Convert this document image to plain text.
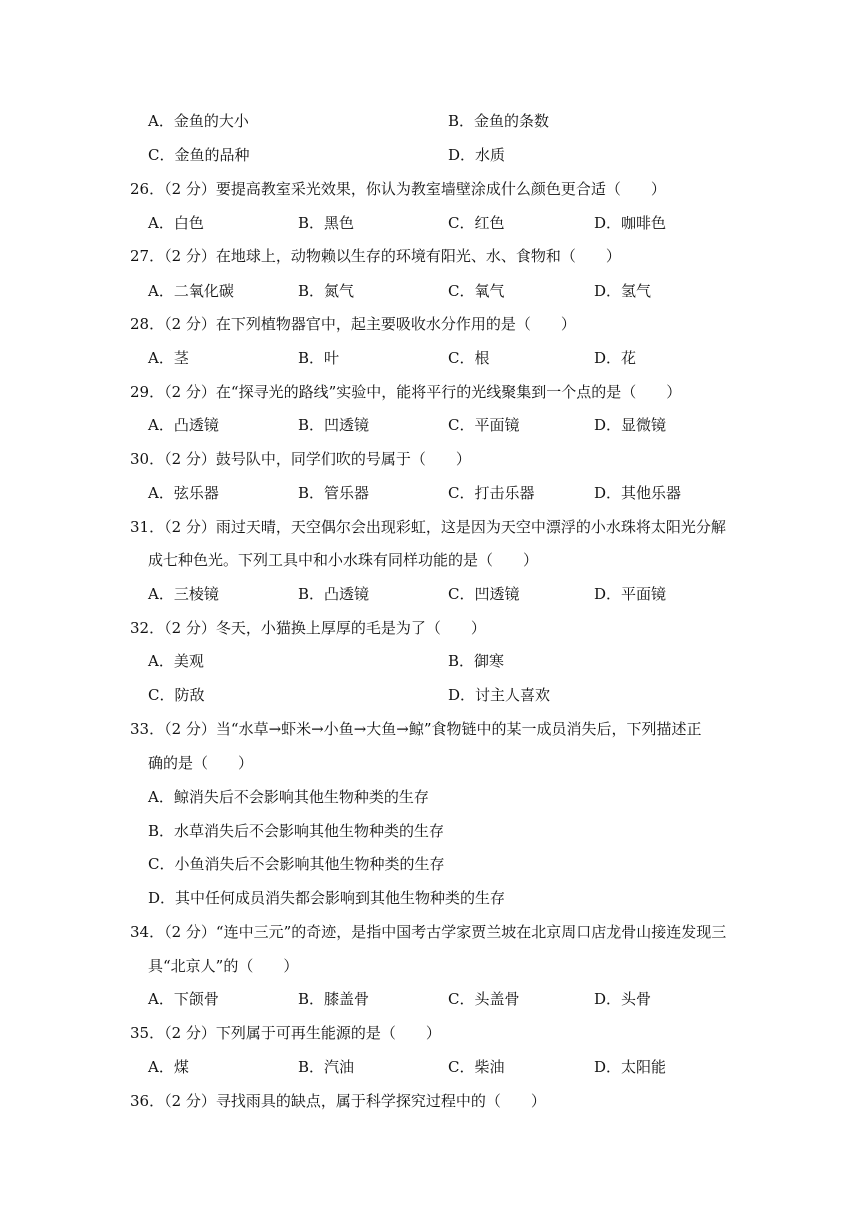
A．金鱼的大小	B．金鱼的条数
C．金鱼的品种	D．水质
26．（2 分）要提高教室采光效果，你认为教室墙壁涂成什么颜色更合适（　　）
A．白色	B．黑色	C．红色	D．咖啡色
27．（2 分）在地球上，动物赖以生存的环境有阳光、水、食物和（　　）
A．二氧化碳	B．氮气	C．氧气	D．氢气
28．（2 分）在下列植物器官中，起主要吸收水分作用的是（　　）
A．茎	B．叶	C．根	D．花
29．（2 分）在“探寻光的路线”实验中，能将平行的光线聚集到一个点的是（　　）
A．凸透镜	B．凹透镜	C．平面镜	D．显微镜
30．（2 分）鼓号队中，同学们吹的号属于（　　）
A．弦乐器	B．管乐器	C．打击乐器	D．其他乐器
31．（2 分）雨过天晴，天空偶尔会出现彩虹，这是因为天空中漂浮的小水珠将太阳光分解
成七种色光。下列工具中和小水珠有同样功能的是（　　）
A．三棱镜	B．凸透镜	C．凹透镜	D．平面镜
32．（2 分）冬天，小猫换上厚厚的毛是为了（　　）
A．美观	B．御寒
C．防敌	D．讨主人喜欢
33．（2 分）当“水草→虾米→小鱼→大鱼→鲸”食物链中的某一成员消失后，下列描述正
确的是（　　）
A．鲸消失后不会影响其他生物种类的生存
B．水草消失后不会影响其他生物种类的生存
C．小鱼消失后不会影响其他生物种类的生存
D．其中任何成员消失都会影响到其他生物种类的生存
34．（2 分）“连中三元”的奇迹，是指中国考古学家贾兰坡在北京周口店龙骨山接连发现三
具“北京人”的（　　）
A．下颌骨	B．膝盖骨	C．头盖骨	D．头骨
35．（2 分）下列属于可再生能源的是（　　）
A．煤	B．汽油	C．柴油	D．太阳能
36．（2 分）寻找雨具的缺点，属于科学探究过程中的（　　）
